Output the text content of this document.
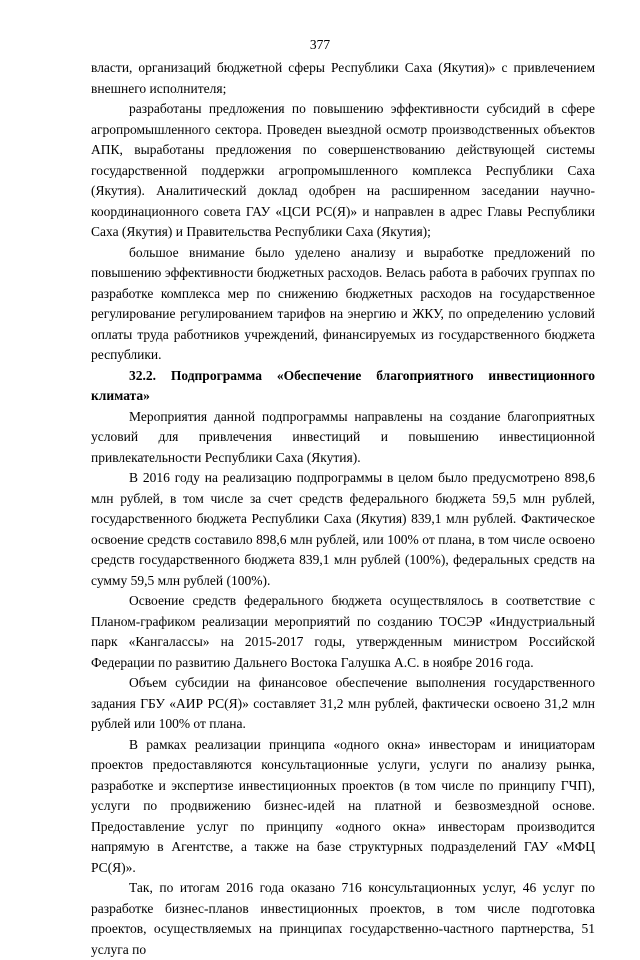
377

власти, организаций бюджетной сферы Республики Саха (Якутия)» с привлечением внешнего исполнителя;

разработаны предложения по повышению эффективности субсидий в сфере агропромышленного сектора. Проведен выездной осмотр производственных объектов АПК, выработаны предложения по совершенствованию действующей системы государственной поддержки агропромышленного комплекса Республики Саха (Якутия). Аналитический доклад одобрен на расширенном заседании научно-координационного совета ГАУ «ЦСИ РС(Я)» и направлен в адрес Главы Республики Саха (Якутия) и Правительства Республики Саха (Якутия);

большое внимание было уделено анализу и выработке предложений по повышению эффективности бюджетных расходов. Велась работа в рабочих группах по разработке комплекса мер по снижению бюджетных расходов на государственное регулирование регулированием тарифов на энергию и ЖКУ, по определению условий оплаты труда работников учреждений, финансируемых из государственного бюджета республики.

32.2. Подпрограмма «Обеспечение благоприятного инвестиционного климата»

Мероприятия данной подпрограммы направлены на создание благоприятных условий для привлечения инвестиций и повышению инвестиционной привлекательности Республики Саха (Якутия).

В 2016 году на реализацию подпрограммы в целом было предусмотрено 898,6 млн рублей, в том числе за счет средств федерального бюджета 59,5 млн рублей, государственного бюджета Республики Саха (Якутия) 839,1 млн рублей. Фактическое освоение средств составило 898,6 млн рублей, или 100% от плана, в том числе освоено средств государственного бюджета 839,1 млн рублей (100%), федеральных средств на сумму 59,5 млн рублей (100%).

Освоение средств федерального бюджета осуществлялось в соответствие с Планом-графиком реализации мероприятий по созданию ТОСЭР «Индустриальный парк «Кангаласcы» на 2015-2017 годы, утвержденным министром Российской Федерации по развитию Дальнего Востока Галушка А.С. в ноябре 2016 года.

Объем субсидии на финансовое обеспечение выполнения государственного задания ГБУ «АИР РС(Я)» составляет 31,2 млн рублей, фактически освоено 31,2 млн рублей или 100% от плана.

В рамках реализации принципа «одного окна» инвесторам и инициаторам проектов предоставляются консультационные услуги, услуги по анализу рынка, разработке и экспертизе инвестиционных проектов (в том числе по принципу ГЧП), услуги по продвижению бизнес-идей на платной и безвозмездной основе. Предоставление услуг по принципу «одного окна» инвесторам производится напрямую в Агентстве, а также на базе структурных подразделений ГАУ «МФЦ РС(Я)».

Так, по итогам 2016 года оказано 716 консультационных услуг, 46 услуг по разработке бизнес-планов инвестиционных проектов, в том числе подготовка проектов, осуществляемых на принципах государственно-частного партнерства, 51 услуга по
